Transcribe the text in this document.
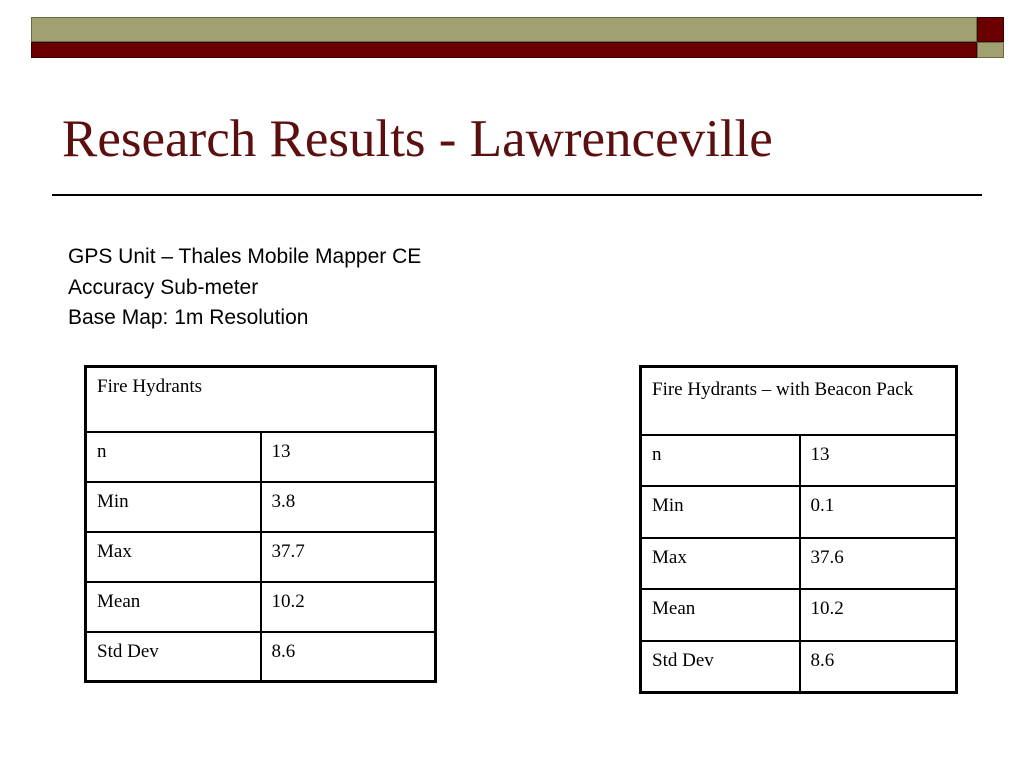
Research Results - Lawrenceville
GPS Unit – Thales Mobile Mapper CE
Accuracy Sub-meter
Base Map: 1m Resolution
Fire Hydrants	
n	13
Min	3.8
Max	37.7
Mean	10.2
Std Dev	8.6
Fire Hydrants – with Beacon Pack	
n	13
Min	0.1
Max	37.6
Mean	10.2
Std Dev	8.6
